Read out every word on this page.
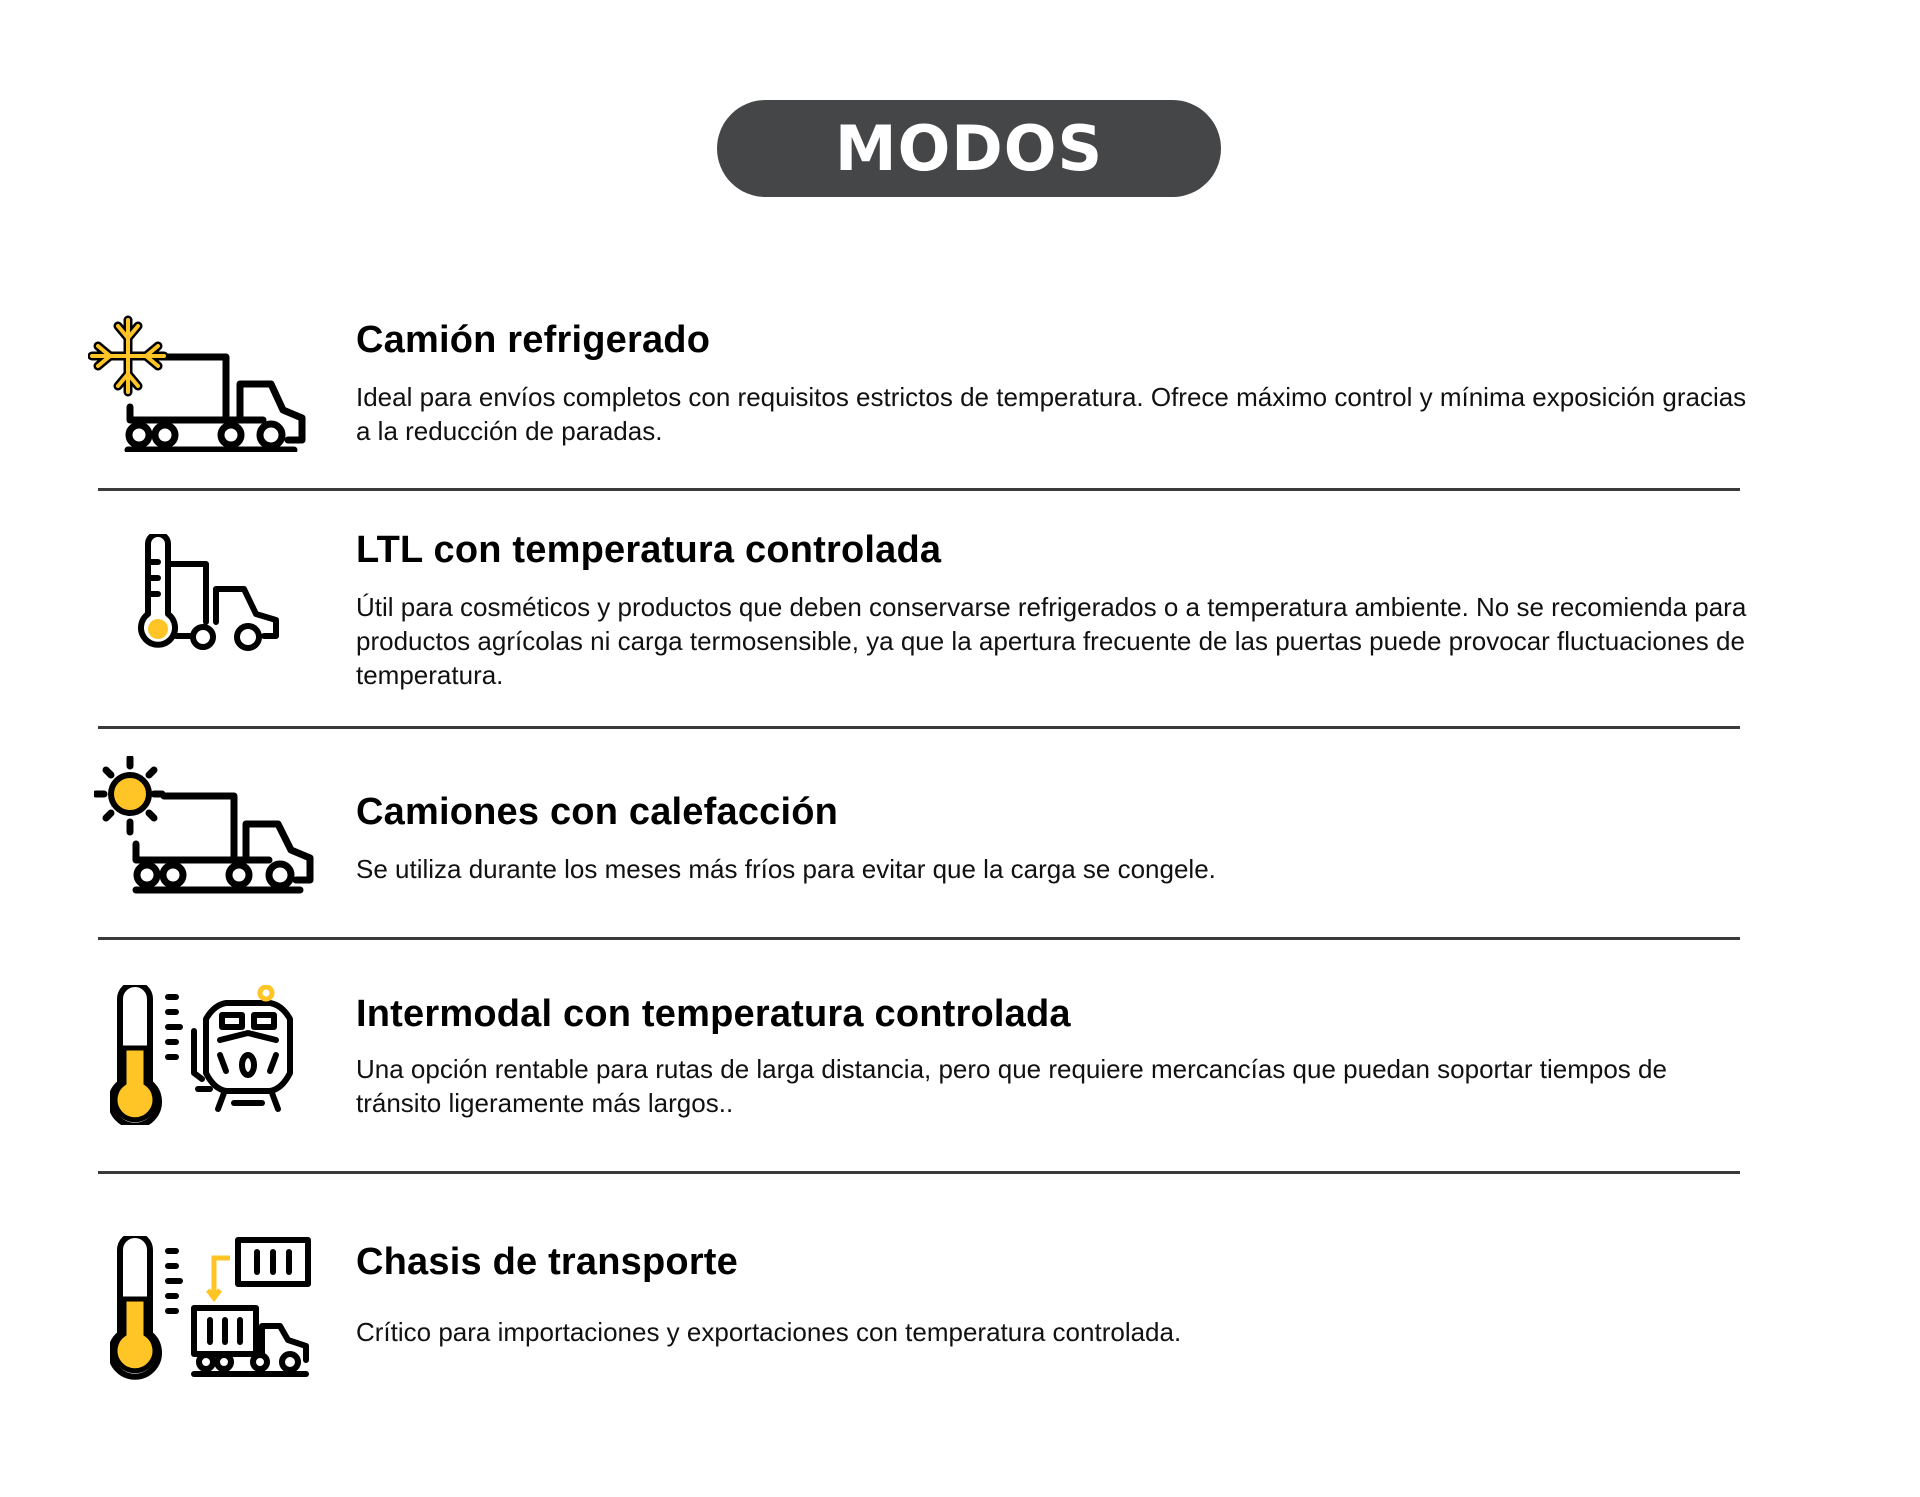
MODOS
Camión refrigerado
Ideal para envíos completos con requisitos estrictos de temperatura. Ofrece máximo control y mínima exposición gracias a la reducción de paradas.
LTL con temperatura controlada
Útil para cosméticos y productos que deben conservarse refrigerados o a temperatura ambiente. No se recomienda para productos agrícolas ni carga termosensible, ya que la apertura frecuente de las puertas puede provocar fluctuaciones de temperatura.
Camiones con calefacción
Se utiliza durante los meses más fríos para evitar que la carga se congele.
Intermodal con temperatura controlada
Una opción rentable para rutas de larga distancia, pero que requiere mercancías que puedan soportar tiempos de tránsito ligeramente más largos..
Chasis de transporte
Crítico para importaciones y exportaciones con temperatura controlada.
